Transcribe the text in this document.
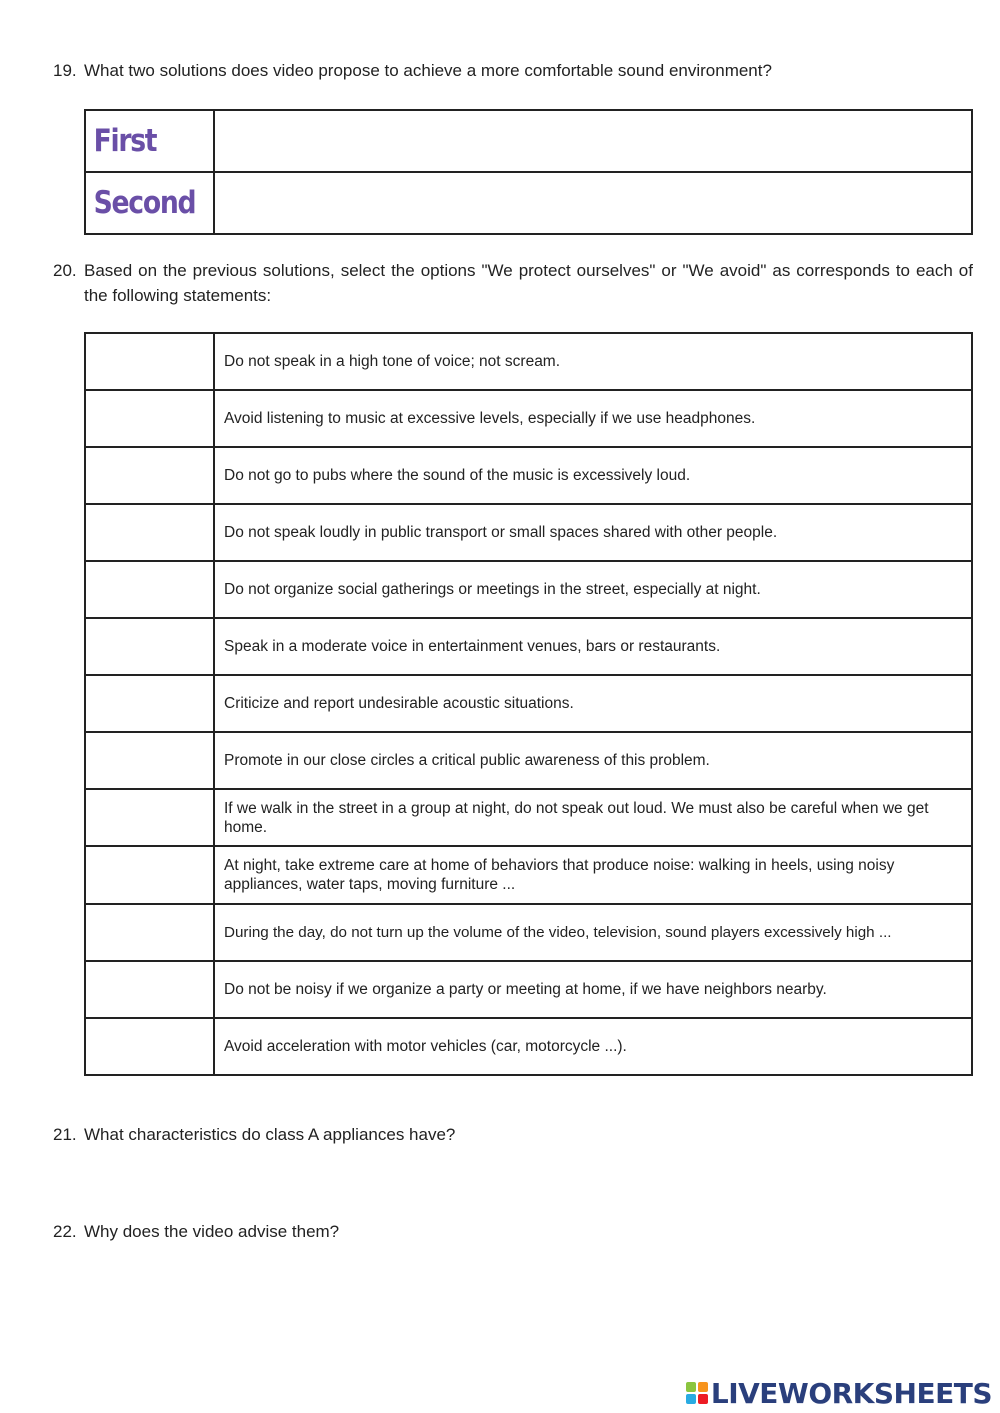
19. What two solutions does video propose to achieve a more comfortable sound environment?
First	
Second	
20. Based on the previous solutions, select the options "We protect ourselves" or "We avoid" as corresponds to each of the following statements:
	Do not speak in a high tone of voice; not scream.
	Avoid listening to music at excessive levels, especially if we use headphones.
	Do not go to pubs where the sound of the music is excessively loud.
	Do not speak loudly in public transport or small spaces shared with other people.
	Do not organize social gatherings or meetings in the street, especially at night.
	Speak in a moderate voice in entertainment venues, bars or restaurants.
	Criticize and report undesirable acoustic situations.
	Promote in our close circles a critical public awareness of this problem.
	If we walk in the street in a group at night, do not speak out loud. We must also be careful when we get home.
	At night, take extreme care at home of behaviors that produce noise: walking in heels, using noisy appliances, water taps, moving furniture ...
	During the day, do not turn up the volume of the video, television, sound players excessively high ...
	Do not be noisy if we organize a party or meeting at home, if we have neighbors nearby.
	Avoid acceleration with motor vehicles (car, motorcycle ...).
21. What characteristics do class A appliances have?
22. Why does the video advise them?
LIVEWORKSHEETS
